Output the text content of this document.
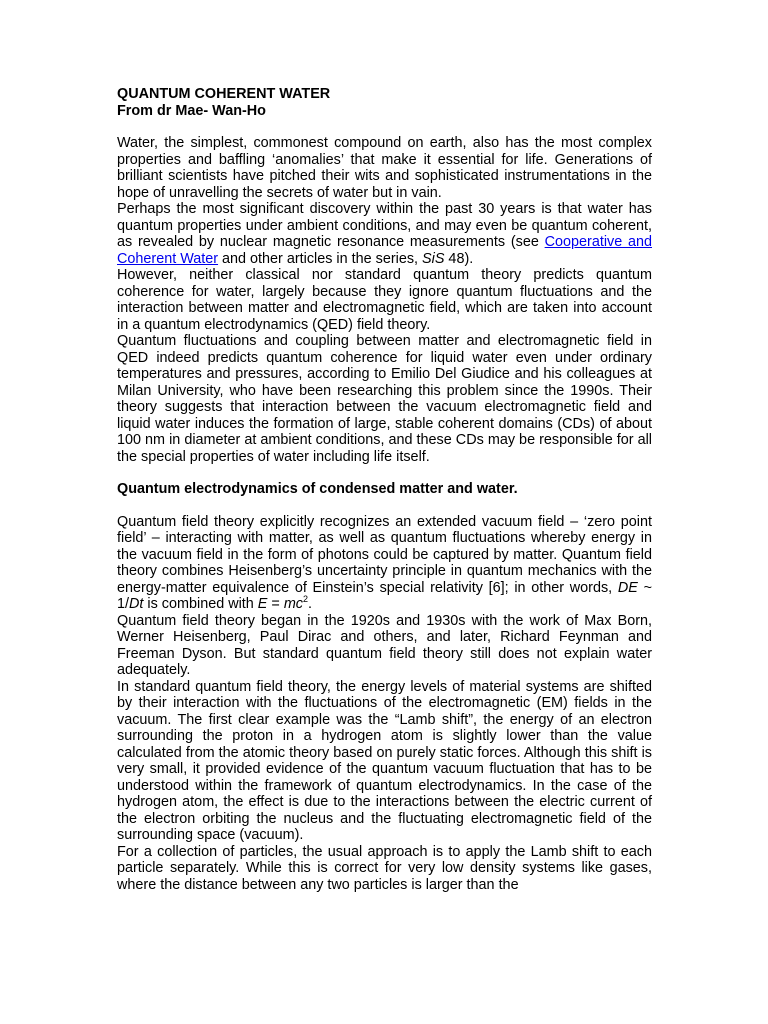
QUANTUM COHERENT WATER
From dr Mae- Wan-Ho

Water, the simplest, commonest compound on earth, also has the most complex properties and baffling ‘anomalies’ that make it essential for life. Generations of brilliant scientists have pitched their wits and sophisticated instrumentations in the hope of unravelling the secrets of water but in vain.

Perhaps the most significant discovery within the past 30 years is that water has quantum properties under ambient conditions, and may even be quantum coherent, as revealed by nuclear magnetic resonance measurements (see Cooperative and Coherent Water and other articles in the series, SiS 48).

However, neither classical nor standard quantum theory predicts quantum coherence for water, largely because they ignore quantum fluctuations and the interaction between matter and electromagnetic field, which are taken into account in a quantum electrodynamics (QED) field theory.

Quantum fluctuations and coupling between matter and electromagnetic field in QED indeed predicts quantum coherence for liquid water even under ordinary temperatures and pressures, according to Emilio Del Giudice and his colleagues at Milan University, who have been researching this problem since the 1990s. Their theory suggests that interaction between the vacuum electromagnetic field and liquid water induces the formation of large, stable coherent domains (CDs) of about 100 nm in diameter at ambient conditions, and these CDs may be responsible for all the special properties of water including life itself.

Quantum electrodynamics of condensed matter and water.

Quantum field theory explicitly recognizes an extended vacuum field – ‘zero point field’ – interacting with matter, as well as quantum fluctuations whereby energy in the vacuum field in the form of photons could be captured by matter. Quantum field theory combines Heisenberg’s uncertainty principle in quantum mechanics with the energy-matter equivalence of Einstein’s special relativity [6]; in other words, DE ~ 1/Dt is combined with $E = mc^2$.

Quantum field theory began in the 1920s and 1930s with the work of Max Born, Werner Heisenberg, Paul Dirac and others, and later, Richard Feynman and Freeman Dyson. But standard quantum field theory still does not explain water adequately.

In standard quantum field theory, the energy levels of material systems are shifted by their interaction with the fluctuations of the electromagnetic (EM) fields in the vacuum. The first clear example was the “Lamb shift”, the energy of an electron surrounding the proton in a hydrogen atom is slightly lower than the value calculated from the atomic theory based on purely static forces. Although this shift is very small, it provided evidence of the quantum vacuum fluctuation that has to be understood within the framework of quantum electrodynamics. In the case of the hydrogen atom, the effect is due to the interactions between the electric current of the electron orbiting the nucleus and the fluctuating electromagnetic field of the surrounding space (vacuum).

For a collection of particles, the usual approach is to apply the Lamb shift to each particle separately. While this is correct for very low density systems like gases, where the distance between any two particles is larger than the
